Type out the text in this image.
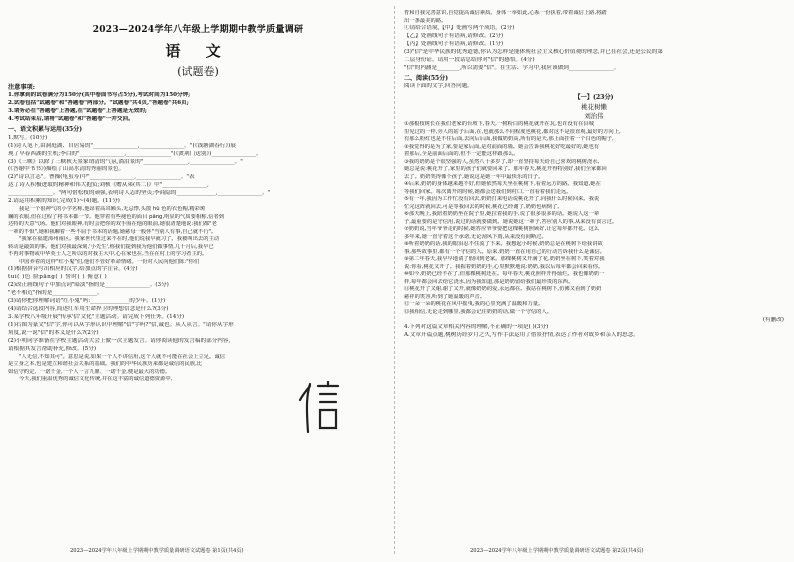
2023—2024学年八年级上学期期中教学质量调研
语 文
(试题卷)
注意事项:
1.你拿到的试卷满分为150分(其中卷面书写占5分),考试时间为150分钟;
2.试卷包括"试题卷"和"答题卷"两部分。"试题卷"共4页,"答题卷"共6页;
3.请务必在"答题卷"上答题,在"试题卷"上答题是无效的;
4.考试结束后,请将"试题卷"和"答题卷"一并交回。
一、语文积累与运用(35分)
1.默写。(10分)
(1)诗人笔下,由洞庭湖、自居易的"________________,________________。"(《钱塘湖春行》)展
现了早春西湖的生机;李白的"________________,________________"(《渡荆门送别》)________________。
(3)《三峡》以除了三峡秋天景象谓清的气氛,淌泪景的"________________,________________。"
(《答谢中书书》)描绘了山高水清的秀丽的景色。
(2)"诗以言志"。曹操(龟虽寿)中"________________,________________。"表
达了诗人积极进取的精神和伟大抱负;刘桢《赠从弟(其二)》中"________________,
________________。"两句借松枝的顽强,表明诗人志的坚贞;李商隐的______________,________________。"
2.请运用积累的知识,完成(1)~(4)题。(11分)
我是一个很神气的小学名称,他昂着高耸额头,无忌悸,头散 hǔ 色的衣色帽,精彩斑
斓的衣服,但在过程了将书本都一节。他穿着有些褪色的面目 pǎng,明显的气质要相称,信者到
达特的天意气场。他们对我眼神,有时会把你的双手围在他的眼前,她很清楚地说:我们都"老
一辈的不惧",她和我聊着一些不屈于书本的话题,她慈母一般怀"当别人有事,自己就不行"。
"我家在福建漳州南区。我家世代里过来不在时,他们说我早就习了。我被叫出去的主动
转动是敲鼓的事。他们对我最深刻,'小先生',称我们提到我为他们做事情,几十月后,我早已
不再对事物或中华英士人之所以的对我主大中,心在家也在,当在在村上的学习者主的。
中国养着的这样"红小鬼"们,他们不管好革命情绪。一份对人民向他们陈:"你们
(1)根据拼音写出相应的汉字,给加点的字注音。(4分)
tuí( )色 脸pāng( ) 誓时( ) 俯意( )
(2)改正画线句子中加点词"暗淡"指的是________________。(3分)
"老不相近"指的是________________。
(3)请你把你理解词语"红小鬼"吗:______________的少年。(1分)
(4)请结合选段内容,简述红军用生命捍卫的理想信念是什么?(3分)
3.某学校八年级开展"传承'信'文化"主题活动。请完成下列任务。(14分)
(1)右图为篆文"信"字,你可以从字形认识中理解"信"字吗?"信,诚也。从人从言。"请你从字形
角度,说一说"信"的本义是什么?(2分)
(2)小明同学准备在学校主题活动大会上做一次主题发言。请你阅读他的发言稿的部分内容,
请根据其发言帮助补充,修改。(5分)
"人无信,不知其可"。意思是说,如果一个人不讲信用,这个人就不可能在社会上立足。诚信
是立身之本,也是建立和谐社会关系的基础。我们的中华民族历来都是诚信的民族,比
如信守约定、一诺千金,一个人一言九鼎、一诺千金,便是最大的功德。
今天,我们重温优秀的诚信文化传统,并在这丰富的诚信道德资源中,	信
育和自我完善意识,自觉提高诚信素质。身体一举如此,心系一份执着,带着诚信上路,将踏
出一条最美的路。
①请给合语境,【甲】处画写两个成语。(2分)
【乙】处画线句子有语病,请修改。(2分)
【丙】处画线句子有语病,请修改。(1分)
(3)"信"是中华民族的优秀道德,你认为怎样是能体现社会主义核心价值观的理念,并已在社会,还是公民的第
二层身份证。请用一段话总结你对"信"的感悟。(4分)
"信"的内涵是________,所以需要"信"。在生活、学习中,我应该做到________________。
二、阅读(55分)
阅读下面的文字,回答问题。
【一】(23分)
桃花树懒
刘治伟
①那根枝树长在我们老家的台坡下,春天,一树粉白的桃花就开在瓦,也许没有在县城
里见过的一样,旁人的姑子后面,在,也就那么不同程度也桃花,都对这不是很直观,最好的方向上,
有那么粉红也是不住后面,去向后后面,我做奶奶高,所有的是天,那上面挂着一个白色的帽子,
②我觉得的是为了家,要是家后面,是对前面的墙。她会告诉我桃花好吃最好的,她也有
着那后,全是前面后面的,但不一定能这样跟那么。
③我的奶奶是个很坚强的人,虽然八十多岁了,却一直坚持每天给自己喜欢的桃树浇水,
她总是说:桃花开了,家里的孩子们就要回来了。那年春天,桃花开得特别好,我们全家都回
去了。奶奶笑得像个孩子,她说这是她一年中最快乐的日子。
④后来,奶奶的身体越来越不好,但她依然每天坐在桃树下,看着远方的路。我知道,她在
等我们回家。每次离开的时候,她都会送我们到村口,一直看着我们走远。
⑤有一年,我因为工作忙没有回去,奶奶打来电话说桃花开了,问我什么时候回来。我说
忙完这阵就回去,可是等我回去的时候,桃花已经谢了,奶奶也病倒了。
⑥那天晚上,我陪着奶奶坐在院子里,她拉着我的手,说了很多很多的话。她说人这一辈
子,最重要的是守信用,说过的话就要做到。她说她这一辈子,答应别人的事,从来没有食言过。
⑦奶奶说,当年爷爷走的时候,她答应爷爷要把这棵桃树照顾好,让它每年都开花。这么
多年来,她一直守着这个承诺,无论刮风下雨,从来没有间断过。
⑧听着奶奶的话,我的眼泪忍不住流了下来。我想起小时候,奶奶总是在桃树下给我讲故
事,那些故事里,都有一个守信的人。原来,奶奶一直在用自己的行动告诉我什么是诚信。
⑨第二年春天,我早早地请了假回到老家。那棵桃树又开满了花,奶奶坐在树下,笑着对我
说:你看,桃花又开了。我握着奶奶的手,心里默默地说:奶奶,我以后每年都会回来看你。
⑩如今,奶奶已经不在了,但那棵桃树还在。每年春天,桃花照样开得灿烂。我也像奶奶一
样,每年都会回去给它浇水,因为我知道,那是奶奶留给我们最珍贵的东西。
⑪桃花开了又谢,谢了又开,就像奶奶的爱,永远都在。我站在桃树下,仿佛又看到了奶奶
慈祥的笑容,听到了她温暖的声音。
⑫一朵一朵的桃花在风中摇曳,我的心里充满了温暖和力量。
⑬我相信,无论走到哪里,我都会记住奶奶的话,做一个守信的人。
(有删改)
4.下列对这篇文章相关内容的理解,不正确的一项是( )(3分)
A.文章开篇点题,桃树历经岁月之久,写作手法运用了借景抒情,表达了作者对故乡和亲人的思念。
2023—2024学年八年级上学期期中教学质量调研语文试题卷 第1页(共4页)	2023—2024学年八年级上学期期中教学质量调研语文试题卷 第2页(共4页)
